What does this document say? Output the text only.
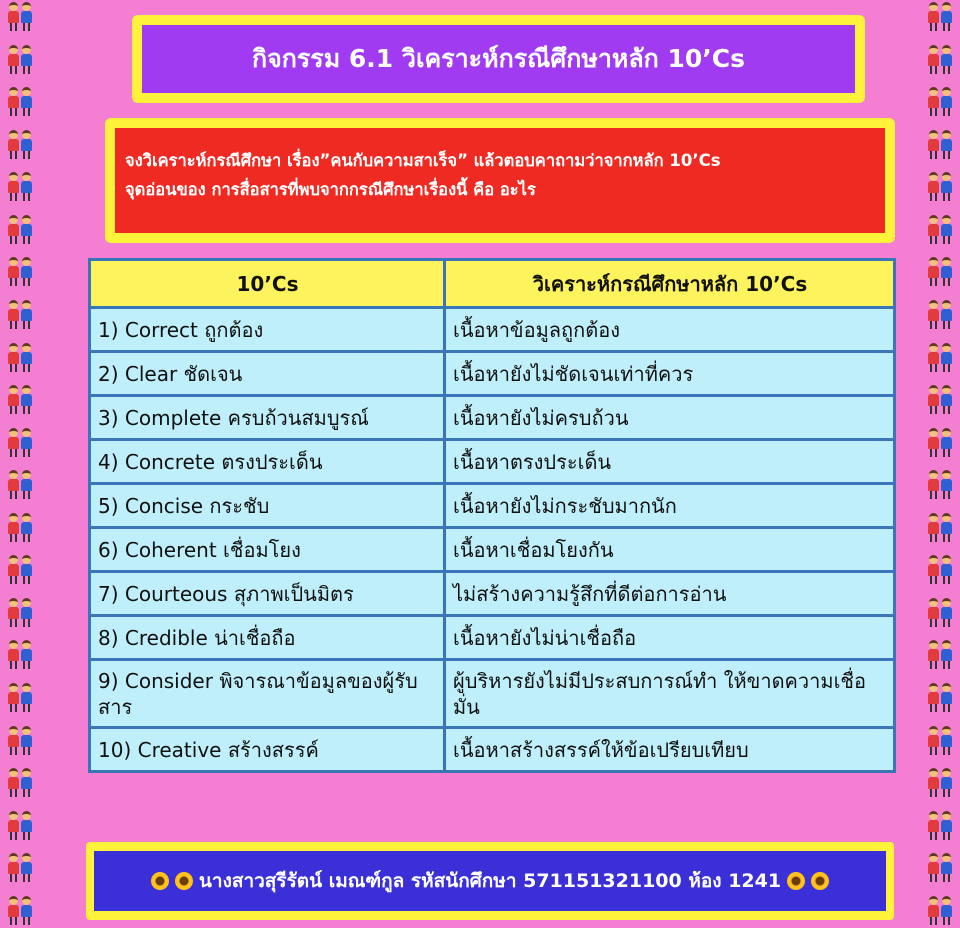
กิจกรรม 6.1 วิเคราะห์กรณีศึกษาหลัก 10’Cs
จงวิเคราะห์กรณีศึกษา เรื่อง”คนกับความสาเร็จ” แล้วตอบคาถามว่าจากหลัก 10’Cs
จุดอ่อนของ การสื่อสารที่พบจากกรณีศึกษาเรื่องนี้ คือ อะไร
10’Cs	วิเคราะห์กรณีศึกษาหลัก 10’Cs
1) Correct ถูกต้อง	เนื้อหาข้อมูลถูกต้อง
2) Clear ชัดเจน	เนื้อหายังไม่ชัดเจนเท่าที่ควร
3) Complete ครบถ้วนสมบูรณ์	เนื้อหายังไม่ครบถ้วน
4) Concrete ตรงประเด็น	เนื้อหาตรงประเด็น
5) Concise กระชับ	เนื้อหายังไม่กระชับมากนัก
6) Coherent เชื่อมโยง	เนื้อหาเชื่อมโยงกัน
7) Courteous สุภาพเป็นมิตร	ไม่สร้างความรู้สึกที่ดีต่อการอ่าน
8) Credible น่าเชื่อถือ	เนื้อหายังไม่น่าเชื่อถือ
9) Consider พิจารณาข้อมูลของผู้รับสาร	ผู้บริหารยังไม่มีประสบการณ์ทำ ให้ขาดความเชื่อมั่น
10) Creative สร้างสรรค์	เนื้อหาสร้างสรรค์ให้ข้อเปรียบเทียบ
นางสาวสุรีรัตน์ เมณฑ์กูล รหัสนักศึกษา 571151321100 ห้อง 1241
